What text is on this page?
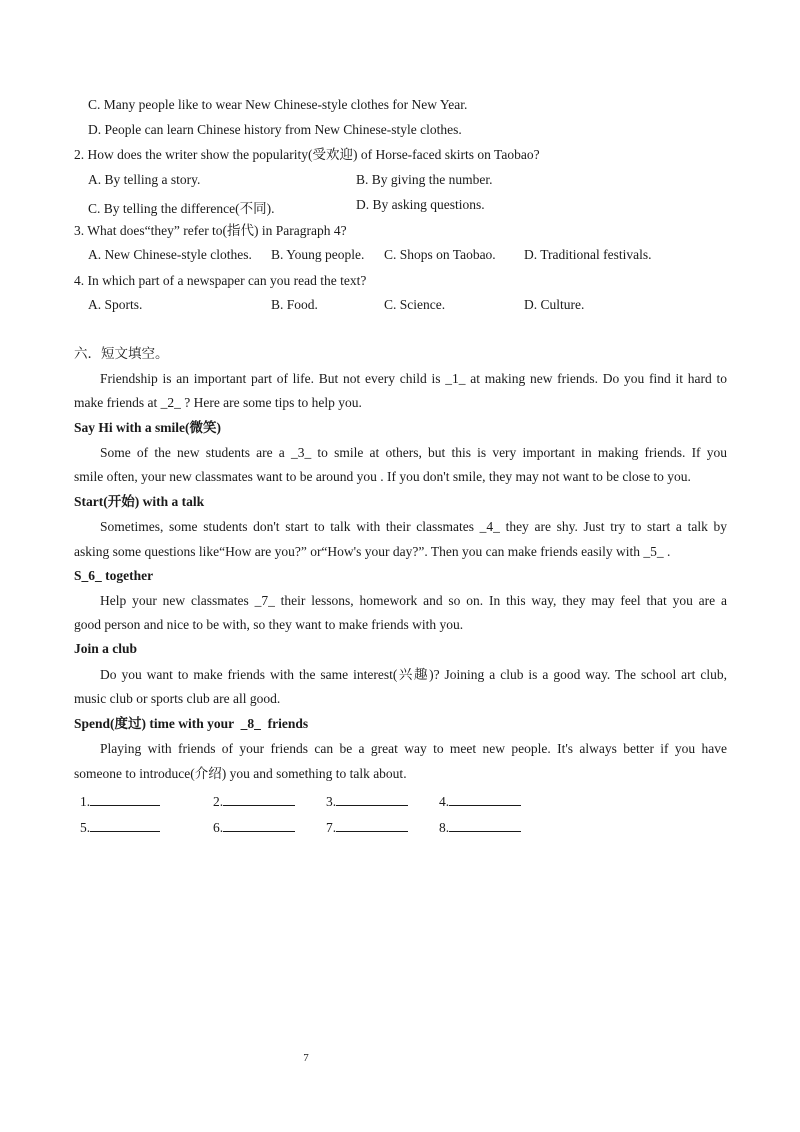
C. Many people like to wear New Chinese-style clothes for New Year.
D. People can learn Chinese history from New Chinese-style clothes.
2. How does the writer show the popularity(受欢迎) of Horse-faced skirts on Taobao?
A. By telling a story.	B. By giving the number.
C. By telling the difference(不同).	D. By asking questions.
3. What does“they” refer to(指代) in Paragraph 4?
A. New Chinese-style clothes. B. Young people. C. Shops on Taobao. D. Traditional festivals.
4. In which part of a newspaper can you read the text?
A. Sports.	B. Food.	C. Science.	D. Culture.
六．短文填空。
Friendship is an important part of life. But not every child is _1_ at making new friends. Do you find it hard to
make friends at _2_ ? Here are some tips to help you.
Say Hi with a smile(微笑)
Some of the new students are a _3_ to smile at others, but this is very important in making friends. If you
smile often, your new classmates want to be around you . If you don't smile, they may not want to be close to you.
Start(开始) with a talk
Sometimes, some students don't start to talk with their classmates _4_ they are shy. Just try to start a talk by
asking some questions like“How are you?” or“How's your day?”. Then you can make friends easily with _5_ .
S_6_ together
Help your new classmates _7_ their lessons, homework and so on. In this way, they may feel that you are a
good person and nice to be with, so they want to make friends with you.
Join a club
Do you want to make friends with the same interest(兴趣)? Joining a club is a good way. The school art club,
music club or sports club are all good.
Spend(度过) time with your  _8_  friends
Playing with friends of your friends can be a great way to meet new people. It's always better if you have
someone to introduce(介绍) you and something to talk about.
1.	2.	3.	4.
5.	6.	7.	8.
7
